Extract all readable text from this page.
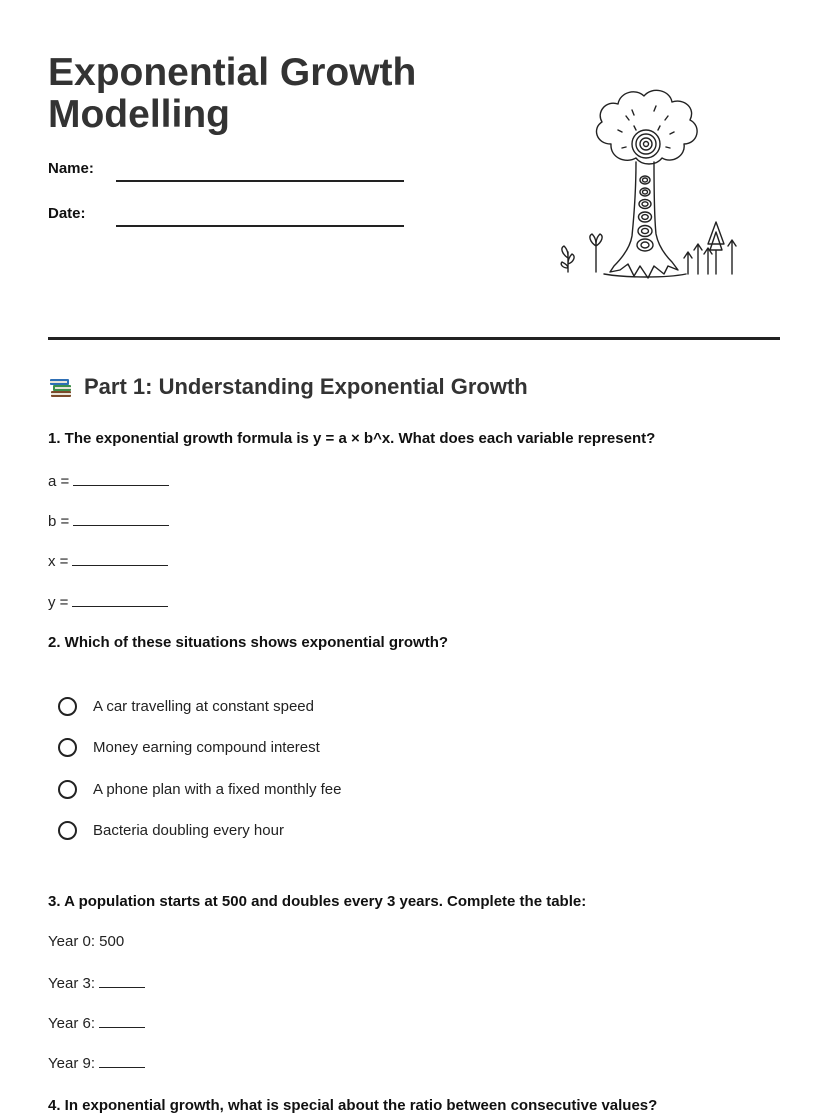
Exponential Growth Modelling
Name:
Date:
Part 1: Understanding Exponential Growth

1. The exponential growth formula is y = a × b^x. What does each variable represent?

a =
b =
x =
y =

2. Which of these situations shows exponential growth?

A car travelling at constant speed
Money earning compound interest
A phone plan with a fixed monthly fee
Bacteria doubling every hour

3. A population starts at 500 and doubles every 3 years. Complete the table:

Year 0: 500
Year 3:
Year 6:
Year 9:

4. In exponential growth, what is special about the ratio between consecutive values?
